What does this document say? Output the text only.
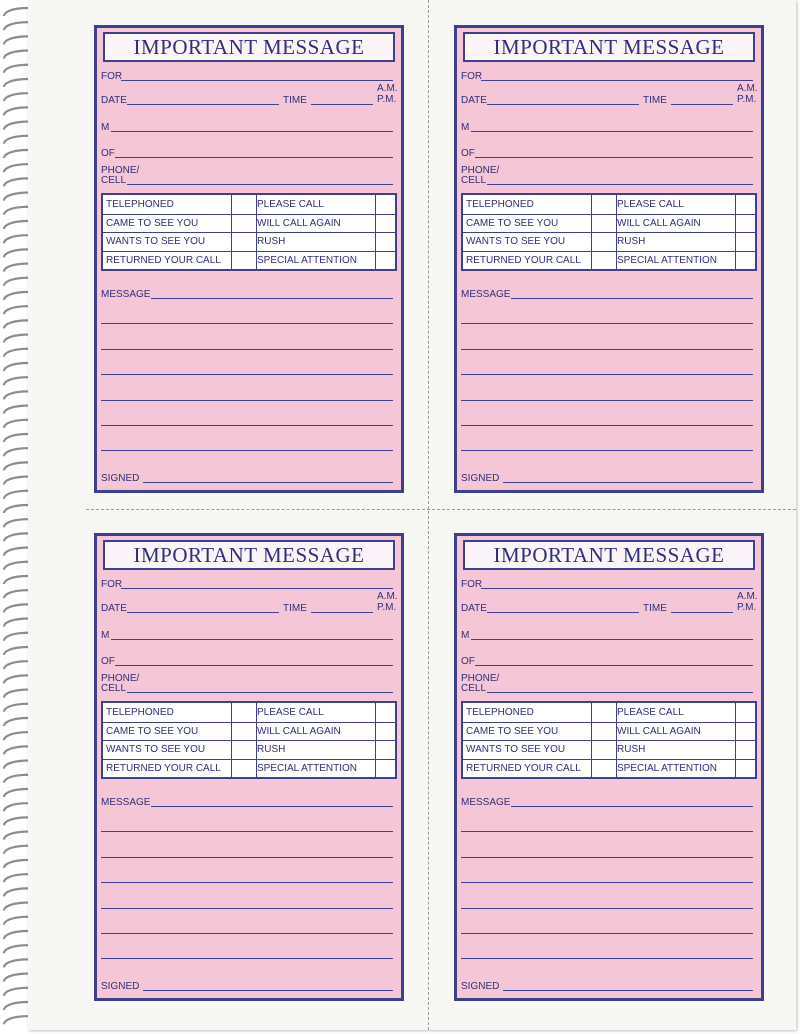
IMPORTANT MESSAGE
FOR
A.M.
DATE	TIME	P.M.
M
OF
PHONE/
CELL
TELEPHONED	PLEASE CALL
CAME TO SEE YOU	WILL CALL AGAIN
WANTS TO SEE YOU	RUSH
RETURNED YOUR CALL	SPECIAL ATTENTION
MESSAGE
SIGNED
IMPORTANT MESSAGE
FOR
A.M.
DATE	TIME	P.M.
M
OF
PHONE/
CELL
TELEPHONED	PLEASE CALL
CAME TO SEE YOU	WILL CALL AGAIN
WANTS TO SEE YOU	RUSH
RETURNED YOUR CALL	SPECIAL ATTENTION
MESSAGE
SIGNED
IMPORTANT MESSAGE
FOR
A.M.
DATE	TIME	P.M.
M
OF
PHONE/
CELL
TELEPHONED	PLEASE CALL
CAME TO SEE YOU	WILL CALL AGAIN
WANTS TO SEE YOU	RUSH
RETURNED YOUR CALL	SPECIAL ATTENTION
MESSAGE
SIGNED
IMPORTANT MESSAGE
FOR
A.M.
DATE	TIME	P.M.
M
OF
PHONE/
CELL
TELEPHONED	PLEASE CALL
CAME TO SEE YOU	WILL CALL AGAIN
WANTS TO SEE YOU	RUSH
RETURNED YOUR CALL	SPECIAL ATTENTION
MESSAGE
SIGNED
